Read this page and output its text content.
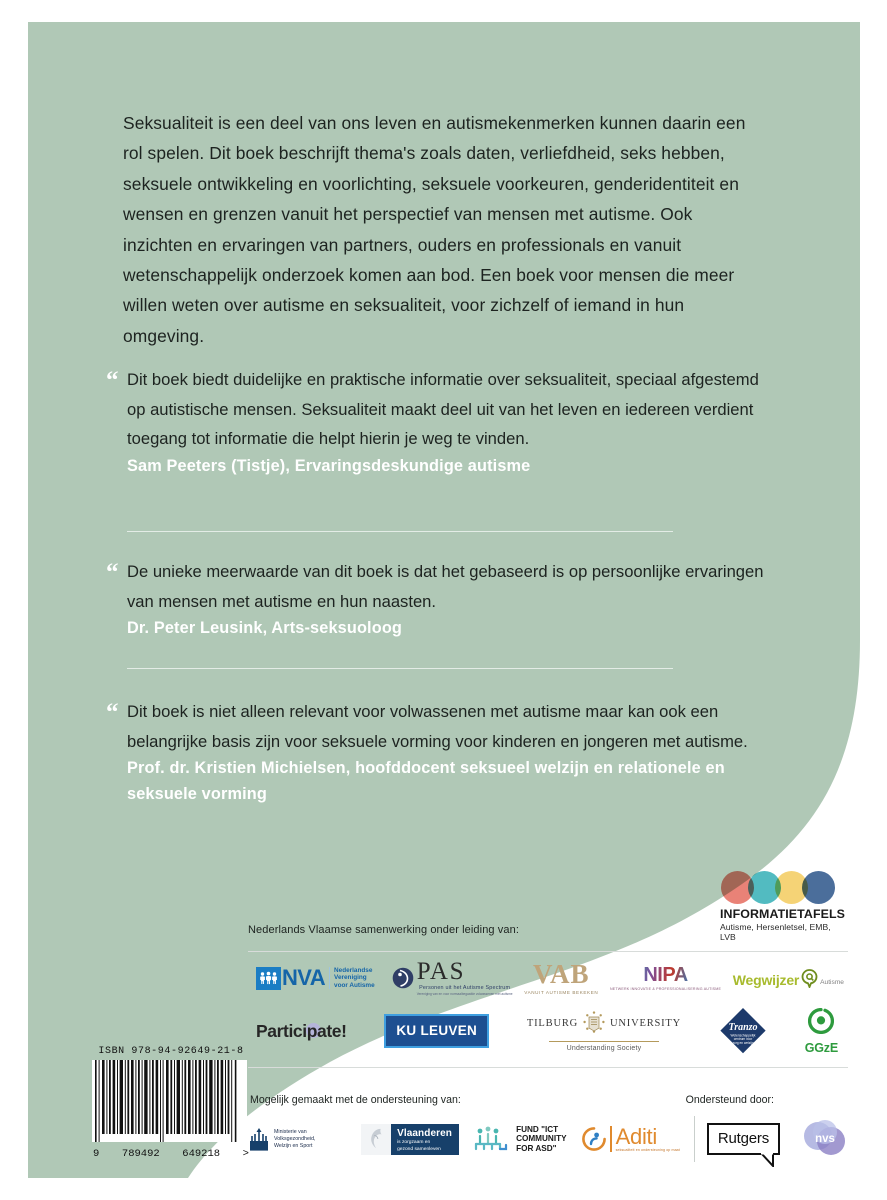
Seksualiteit is een deel van ons leven en autismekenmerken kunnen daarin een rol spelen. Dit boek beschrijft thema's zoals daten, verliefdheid, seks hebben, seksuele ontwikkeling en voorlichting, seksuele voorkeuren, genderidentiteit en wensen en grenzen vanuit het perspectief van mensen met autisme. Ook inzichten en ervaringen van partners, ouders en professionals en vanuit wetenschappelijk onderzoek komen aan bod. Een boek voor mensen die meer willen weten over autisme en seksualiteit, voor zichzelf of iemand in hun omgeving.

“ Dit boek biedt duidelijke en praktische informatie over seksualiteit, speciaal afgestemd op autistische mensen. Seksualiteit maakt deel uit van het leven en iedereen verdient toegang tot informatie die helpt hierin je weg te vinden.

Sam Peeters (Tistje), Ervaringsdeskundige autisme

“ De unieke meerwaarde van dit boek is dat het gebaseerd is op persoonlijke ervaringen van mensen met autisme en hun naasten.

Dr. Peter Leusink, Arts-seksuoloog

“ Dit boek is niet alleen relevant voor volwassenen met autisme maar kan ook een belangrijke basis zijn voor seksuele vorming voor kinderen en jongeren met autisme.

Prof. dr. Kristien Michielsen, hoofddocent seksueel welzijn en relationele en seksuele vorming

Nederlands Vlaamse samenwerking onder leiding van:
INFORMATIETAFELS
Autisme, Hersenletsel, EMB, LVB
NVA Nederlandse Vereniging voor Autisme
PAS
Personen uit het Autisme Spectrum
Vereniging van en voor normaalbegaafde volwassenen met autisme
VAB
VANUIT AUTISME BEKEKEN
NIPA
NETWERK INNOVATIE & PROFESSIONALISERING AUTISME
Wegwijzer	Autisme
Participate!	KU LEUVEN	TILBURG	UNIVERSITY
Understanding Society
Tranzo
Wetenschappelijk
centrum voor
zorg en welzijn	GGzE
Mogelijk gemaakt met de ondersteuning van:	Ondersteund door:
Ministerie van Volksgezondheid,
Welzijn en Sport
Vlaanderen
is zorgzaam en
gezond samenleven
FUND "ICT
COMMUNITY
FOR ASD"	Aditi
seksualiteit en ondersteuning op maat
Rutgers	nvs
ISBN 978-94-92649-21-8
9 789492 649218 >
